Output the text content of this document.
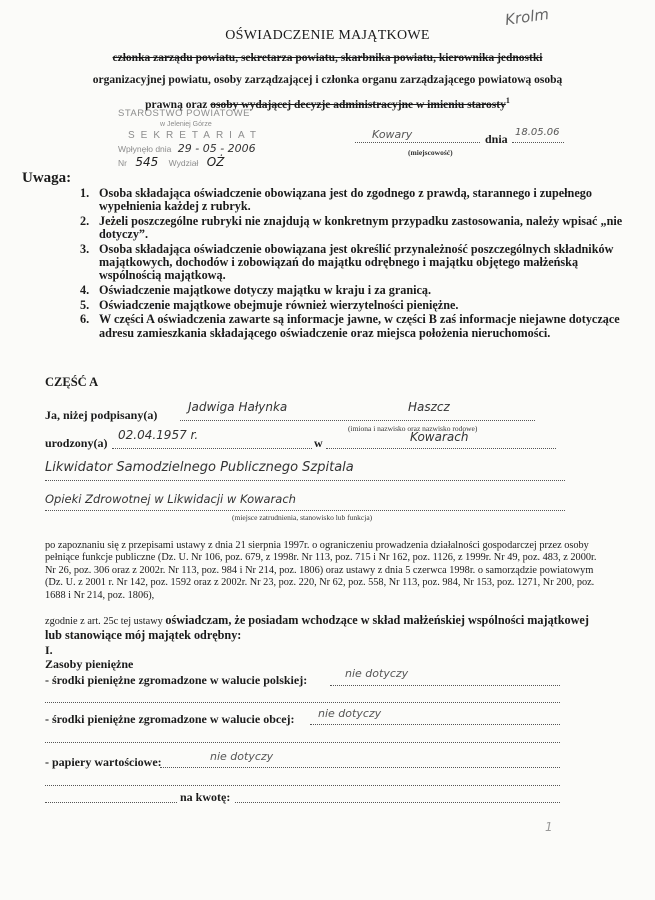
Krolm
OŚWIADCZENIE MAJĄTKOWE
członka zarządu powiatu, sekretarza powiatu, skarbnika powiatu, kierownika jednostki
organizacyjnej powiatu, osoby zarządzającej i członka organu zarządzającego powiatową osobą
prawną oraz osoby wydającej decyzje administracyjne w imieniu starosty$^1$
STAROSTWO POWIATOWE
w Jeleniej Górze
SEKRETARIAT
Wpłynęło dnia 29 - 05 - 2006
Nr 545 Wydział OŻ
Kowary
(miejscowość)
dnia 18.05.06
Uwaga:
1. Osoba składająca oświadczenie obowiązana jest do zgodnego z prawdą, starannego i zupełnego wypełnienia każdej z rubryk.
2. Jeżeli poszczególne rubryki nie znajdują w konkretnym przypadku zastosowania, należy wpisać „nie dotyczy”.
3. Osoba składająca oświadczenie obowiązana jest określić przynależność poszczególnych składników majątkowych, dochodów i zobowiązań do majątku odrębnego i majątku objętego małżeńską wspólnością majątkową.
4. Oświadczenie majątkowe dotyczy majątku w kraju i za granicą.
5. Oświadczenie majątkowe obejmuje również wierzytelności pieniężne.
6. W części A oświadczenia zawarte są informacje jawne, w części B zaś informacje niejawne dotyczące adresu zamieszkania składającego oświadczenie oraz miejsca położenia nieruchomości.
CZĘŚĆ A
Ja, niżej podpisany(a)
Jadwiga Hałynka	Haszcz
(imiona i nazwisko oraz nazwisko rodowe)
urodzony(a)
02.04.1957 r.
w	Kowarach
Likwidator Samodzielnego Publicznego Szpitala
Opieki Zdrowotnej w Likwidacji w Kowarach
(miejsce zatrudnienia, stanowisko lub funkcja)
po zapoznaniu się z przepisami ustawy z dnia 21 sierpnia 1997r. o ograniczeniu prowadzenia działalności gospodarczej przez osoby pełniące funkcje publiczne (Dz. U. Nr 106, poz. 679, z 1998r. Nr 113, poz. 715 i Nr 162, poz. 1126, z 1999r. Nr 49, poz. 483, z 2000r. Nr 26, poz. 306 oraz z 2002r. Nr 113, poz. 984 i Nr 214, poz. 1806) oraz ustawy z dnia 5 czerwca 1998r. o samorządzie powiatowym (Dz. U. z 2001 r. Nr 142, poz. 1592 oraz z 2002r. Nr 23, poz. 220, Nr 62, poz. 558, Nr 113, poz. 984, Nr 153, poz. 1271, Nr 200, poz. 1688 i Nr 214, poz. 1806),
zgodnie z art. 25c tej ustawy oświadczam, że posiadam wchodzące w skład małżeńskiej wspólności majątkowej lub stanowiące mój majątek odrębny:
I.
Zasoby pieniężne
- środki pieniężne zgromadzone w walucie polskiej:	nie dotyczy
- środki pieniężne zgromadzone w walucie obcej: nie dotyczy
- papiery wartościowe:	nie dotyczy
na kwotę:
1
